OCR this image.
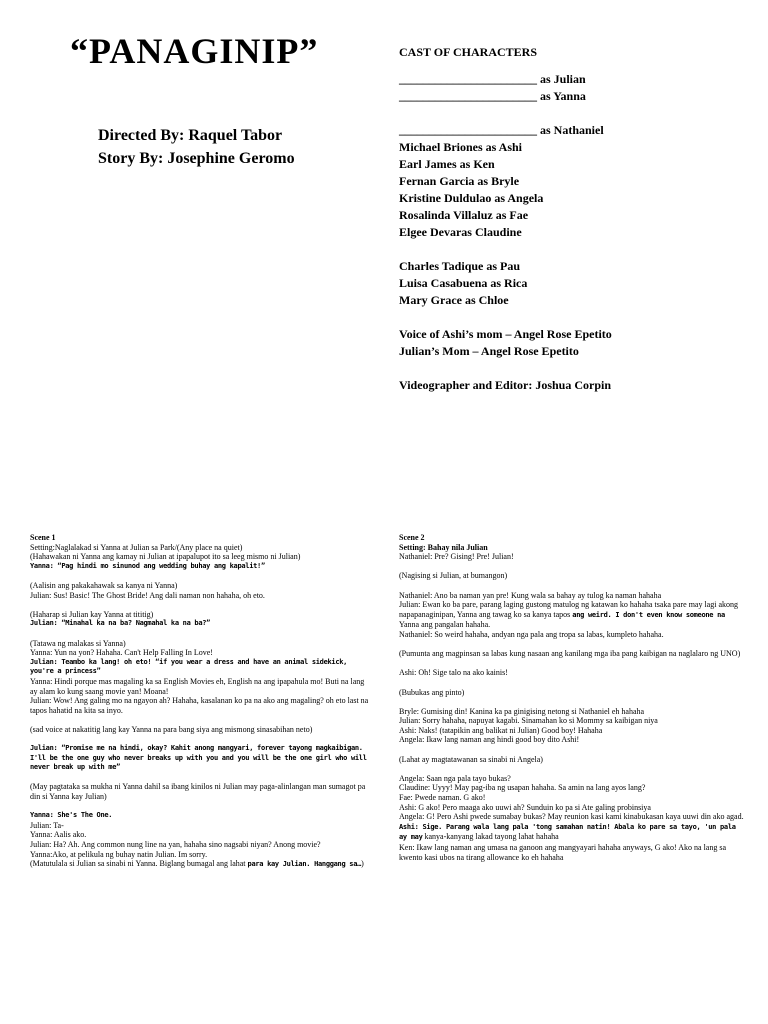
“PANAGINIP”
Directed By: Raquel Tabor
Story By: Josephine Geromo
CAST OF CHARACTERS
_______________________ as Julian
_______________________ as Yanna
_______________________ as Nathaniel
Michael Briones as Ashi
Earl James as Ken
Fernan Garcia as Bryle
Kristine Duldulao as Angela
Rosalinda Villaluz as Fae
Elgee Devaras Claudine
Charles Tadique as Pau
Luisa Casabuena as Rica
Mary Grace as Chloe
Voice of Ashi’s mom – Angel Rose Epetito
Julian’s Mom – Angel Rose Epetito
Videographer and Editor: Joshua Corpin
Scene 1
Setting:Naglalakad si Yanna at Julian sa Park/(Any place na quiet)
(Hahawakan ni Yanna ang kamay ni Julian at ipapalupot ito sa leeg mismo ni Julian)
Yanna: “Pag hindi mo sinunod ang wedding buhay ang kapalit!”
(Aalisin ang pakakahawak sa kanya ni Yanna)
Julian: Sus! Basic! The Ghost Bride! Ang dali naman non hahaha, oh eto.
(Haharap si Julian kay Yanna at tititig)
Julian: “Minahal ka na ba? Nagmahal ka na ba?”
(Tatawa ng malakas si Yanna)
Yanna: Yun na yon? Hahaha. Can't Help Falling In Love!
Julian: Teambo ka lang! oh eto! “if you wear a dress and have an animal sidekick, you're a princess”
Yanna: Hindi porque mas magaling ka sa English Movies eh, English na ang ipapahula mo! Buti na lang ay alam ko kung saang movie yan! Moana!
Julian: Wow! Ang galing mo na ngayon ah? Hahaha, kasalanan ko pa na ako ang magaling? oh eto last na tapos hahatid na kita sa inyo.
(sad voice at nakatitig lang kay Yanna na para bang siya ang mismong sinasabihan neto)
Julian: “Promise me na hindi, okay? Kahit anong mangyari, forever tayong magkaibigan. I'll be the one guy who never breaks up with you and you will be the one girl who will never break up with me”
(May pagtataka sa mukha ni Yanna dahil sa ibang kinilos ni Julian may paga-alinlangan man sumagot pa din si Yanna kay Julian)
Yanna: She's The One.
Julian: Ta-
Yanna: Aalis ako.
Julian: Ha? Ah. Ang common nung line na yan, hahaha sino nagsabi niyan? Anong movie?
Yanna:Ako, at pelikula ng buhay natin Julian. Im sorry.
(Matutulala si Julian sa sinabi ni Yanna. Biglang bumagal ang lahat para kay Julian. Hanggang sa…)
Scene 2
Setting: Bahay nila Julian
Nathaniel: Pre? Gising! Pre! Julian!
(Nagising si Julian, at bumangon)
Nathaniel: Ano ba naman yan pre! Kung wala sa bahay ay tulog ka naman hahaha
Julian: Ewan ko ba pare, parang laging gustong matulog ng katawan ko hahaha tsaka pare may lagi akong napapanaginipan, Yanna ang tawag ko sa kanya tapos ang weird. I don't even know someone na Yanna ang pangalan hahaha.
Nathaniel: So weird hahaha, andyan nga pala ang tropa sa labas, kumpleto hahaha.
(Pumunta ang magpinsan sa labas kung nasaan ang kanilang mga iba pang kaibigan na naglalaro ng UNO)
Ashi: Oh! Sige talo na ako kainis!
(Bubukas ang pinto)
Bryle: Gumising din! Kanina ka pa ginigising netong si Nathaniel eh hahaha
Julian: Sorry hahaha, napuyat kagabi. Sinamahan ko si Mommy sa kaibigan niya
Ashi: Naks! (tatapikin ang balikat ni Julian) Good boy! Hahaha
Angela: Ikaw lang naman ang hindi good boy dito Ashi!
(Lahat ay magtatawanan sa sinabi ni Angela)
Angela: Saan nga pala tayo bukas?
Claudine: Uyyy! May pag-iba ng usapan hahaha. Sa amin na lang ayos lang?
Fae: Pwede naman. G ako!
Ashi: G ako! Pero maaga ako uuwi ah? Sunduin ko pa si Ate galing probinsiya
Angela: G! Pero Ashi pwede sumabay bukas? May reunion kasi kami kinabukasan kaya uuwi din ako agad.
Ashi: Sige. Parang wala lang pala 'tong samahan natin! Abala ko pare sa tayo, 'un pala ay may kanya-kanyang lakad tayong lahat hahaha
Ken: Ikaw lang naman ang umasa na ganoon ang mangyayari hahaha anyways, G ako! Ako na lang sa kwento kasi ubos na tirang allowance ko eh hahaha
